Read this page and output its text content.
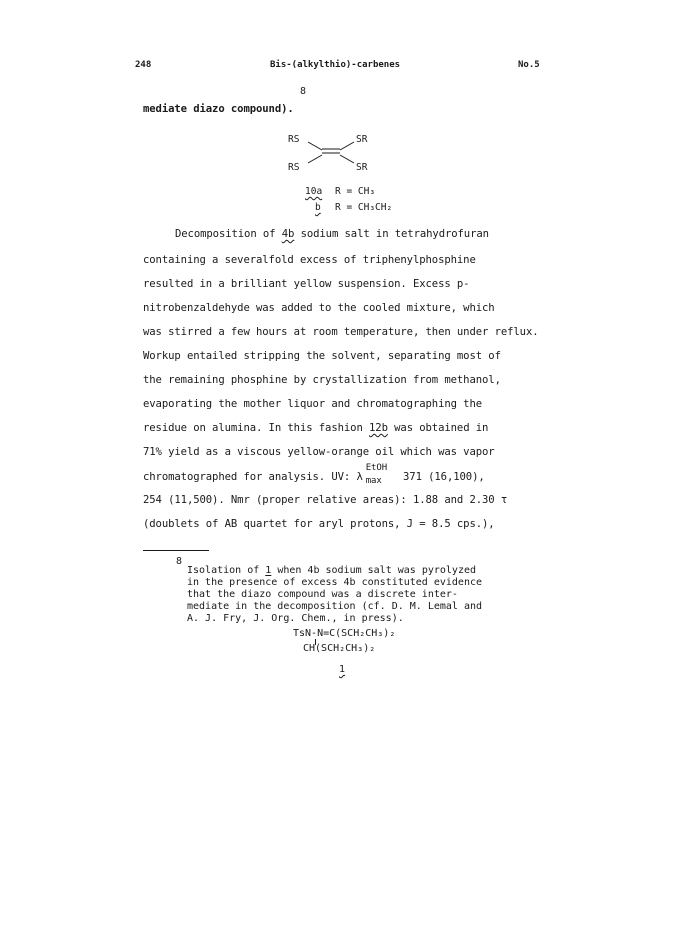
248	Bis-(alkylthio)-carbenes	No.5
8
mediate diazo compound).
RS	SR
RS	SR
10a R = CH₃
b R = CH₃CH₂
Decomposition of 4b sodium salt in tetrahydrofuran
containing a severalfold excess of triphenylphosphine
resulted in a brilliant yellow suspension. Excess p-
nitrobenzaldehyde was added to the cooled mixture, which
was stirred a few hours at room temperature, then under reflux.
Workup entailed stripping the solvent, separating most of
the remaining phosphine by crystallization from methanol,
evaporating the mother liquor and chromatographing the
residue on alumina. In this fashion 12b was obtained in
71% yield as a viscous yellow-orange oil which was vapor
chromatographed for analysis. UV: λ
EtOH
max 371 (16,100),
254 (11,500). Nmr (proper relative areas): 1.88 and 2.30 τ
(doublets of AB quartet for aryl protons, J = 8.5 cps.),
8
Isolation of 1 when 4b sodium salt was pyrolyzed
in the presence of excess 4b constituted evidence
that the diazo compound was a discrete inter-
mediate in the decomposition (cf. D. M. Lemal and
A. J. Fry, J. Org. Chem., in press).
TsN-N=C(SCH₂CH₃)₂
CH(SCH₂CH₃)₂
1
